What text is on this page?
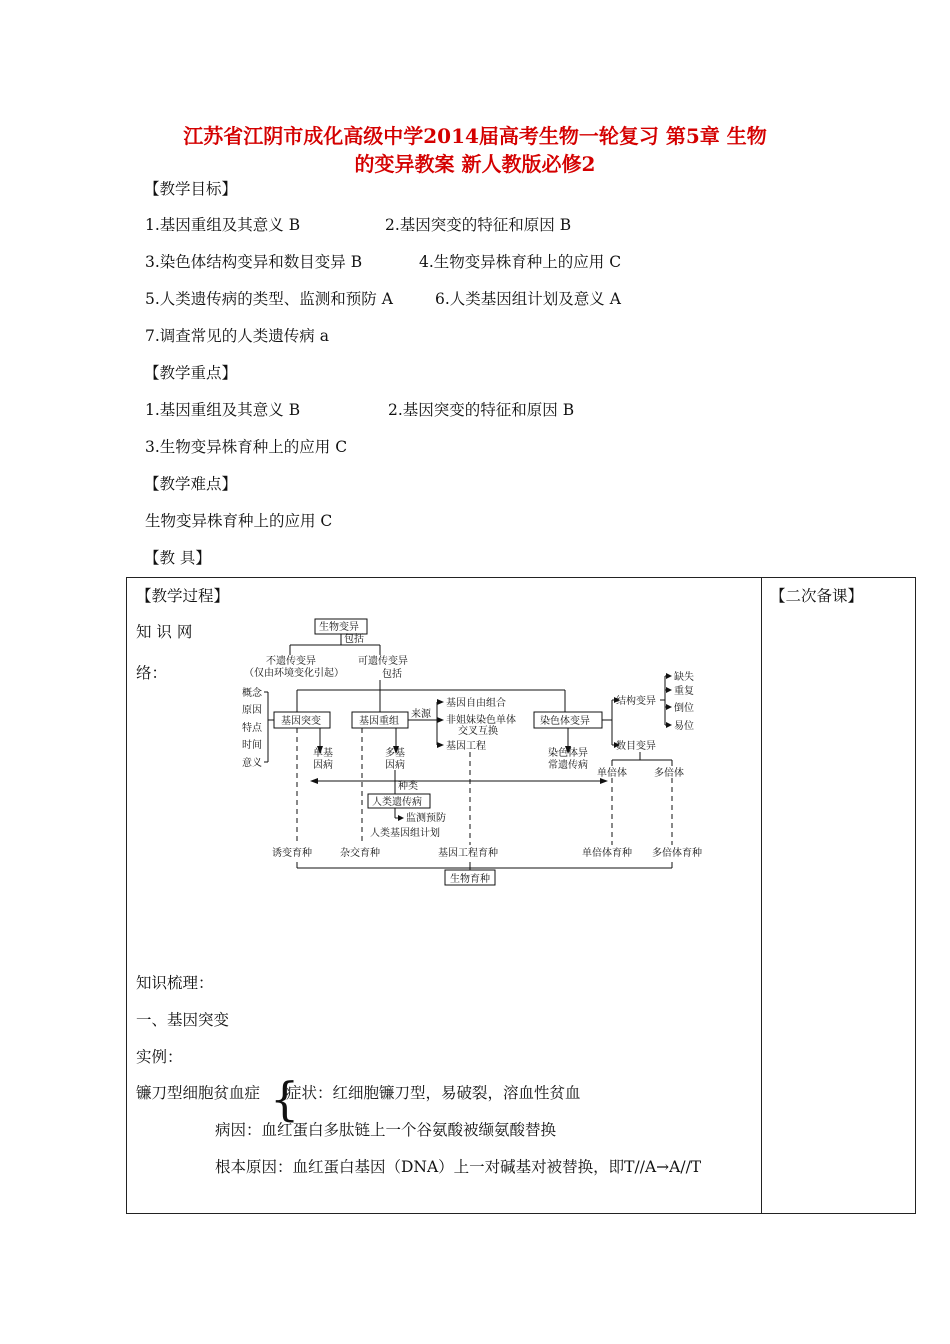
江苏省江阴市成化高级中学2014届高考生物一轮复习 第5章 生物
的变异教案 新人教版必修2
【教学目标】
1.基因重组及其意义 B	2.基因突变的特征和原因 B
3.染色体结构变异和数目变异 B	4.生物变异株育种上的应用 C
5.人类遗传病的类型、监测和预防 A	6.人类基因组计划及意义 A
7.调查常见的人类遗传病 a
【教学重点】
1.基因重组及其意义 B	2.基因突变的特征和原因 B
3.生物变异株育种上的应用 C
【教学难点】
生物变异株育种上的应用 C
【教 具】
【教学过程】	【二次备课】
知 识 网
络：
生物变异
包括
不遗传变异
（仅由环境变化引起）
可遗传变异
包括
概念
原因
特点
时间
意义
基因突变	基因重组
来源
基因自由组合
非姐妹染色单体
交叉互换
基因工程
染色体变异
结构变异
缺失
重复
倒位
易位
数目变异
单倍体	多倍体
单基
因病
多基
因病
染色体异
常遗传病
种类
人类遗传病
监测预防
人类基因组计划
诱变育种	杂交育种	基因工程育种	单倍体育种 多倍体育种
生物育种
知识梳理：
一、基因突变
实例：
镰刀型细胞贫血症 {
症状：红细胞镰刀型，易破裂，溶血性贫血
病因：血红蛋白多肽链上一个谷氨酸被缬氨酸替换
根本原因：血红蛋白基因（DNA）上一对碱基对被替换，即T//A→A//T
